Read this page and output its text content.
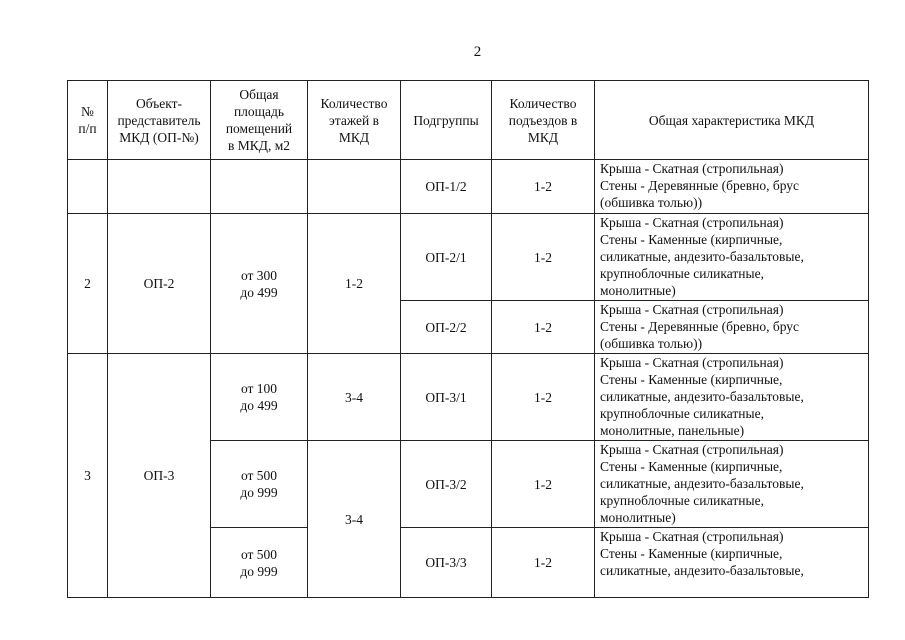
2
№
п/п	Объект-
представитель
МКД (ОП-№)	Общая
площадь
помещений
в МКД, м2	Количество
этажей в
МКД	Подгруппы	Количество
подъездов в
МКД	Общая характеристика МКД

				ОП-1/2	1-2	Крыша - Скатная (стропильная)
Стены - Деревянные (бревно, брус
(обшивка толью))

2	ОП-2	от 300
до 499	1-2	ОП-2/1	1-2	Крыша - Скатная (стропильная)
Стены - Каменные (кирпичные,
силикатные, андезито-базальтовые,
крупноблочные силикатные,
монолитные)

				ОП-2/2	1-2	Крыша - Скатная (стропильная)
Стены - Деревянные (бревно, брус
(обшивка толью))

3	ОП-3	от 100
до 499	3-4	ОП-3/1	1-2	Крыша - Скатная (стропильная)
Стены - Каменные (кирпичные,
силикатные, андезито-базальтовые,
крупноблочные силикатные,
монолитные, панельные)

		от 500
до 999	3-4	ОП-3/2	1-2	Крыша - Скатная (стропильная)
Стены - Каменные (кирпичные,
силикатные, андезито-базальтовые,
крупноблочные силикатные,
монолитные)

		от 500
до 999		ОП-3/3	1-2	Крыша - Скатная (стропильная)
Стены - Каменные (кирпичные,
силикатные, андезито-базальтовые,
